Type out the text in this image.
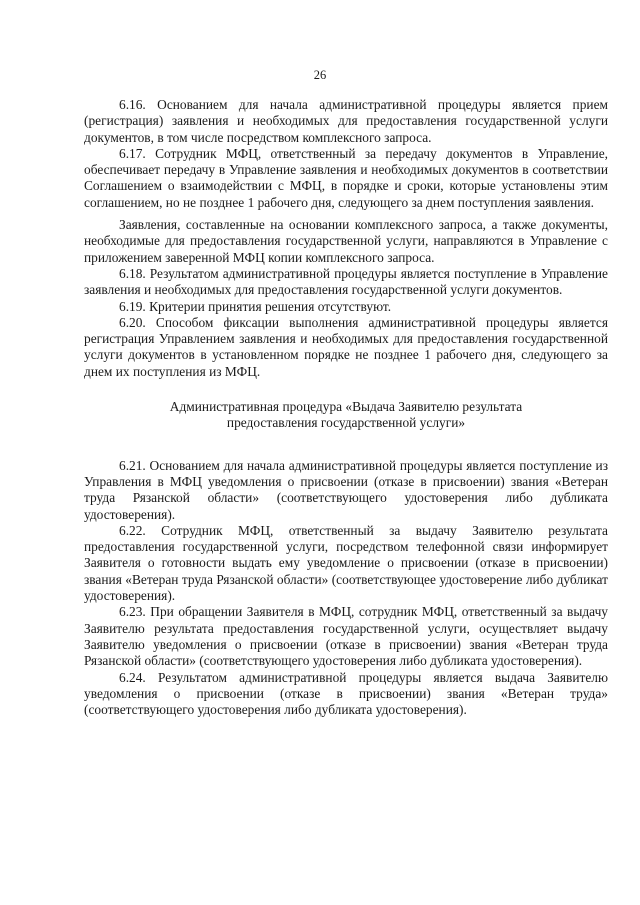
26

6.16. Основанием для начала административной процедуры является прием (регистрация) заявления и необходимых для предоставления государственной услуги документов, в том числе посредством комплексного запроса.

6.17. Сотрудник МФЦ, ответственный за передачу документов в Управление, обеспечивает передачу в Управление заявления и необходимых документов в соответствии Соглашением о взаимодействии с МФЦ, в порядке и сроки, которые установлены этим соглашением, но не позднее 1 рабочего дня, следующего за днем поступления заявления.

Заявления, составленные на основании комплексного запроса, а также документы, необходимые для предоставления государственной услуги, направляются в Управление с приложением заверенной МФЦ копии комплексного запроса.

6.18. Результатом административной процедуры является поступление в Управление заявления и необходимых для предоставления государственной услуги документов.

6.19. Критерии принятия решения отсутствуют.

6.20. Способом фиксации выполнения административной процедуры является регистрация Управлением заявления и необходимых для предоставления государственной услуги документов в установленном порядке не позднее 1 рабочего дня, следующего за днем их поступления из МФЦ.

Административная процедура «Выдача Заявителю результата предоставления государственной услуги»

6.21. Основанием для начала административной процедуры является поступление из Управления в МФЦ уведомления о присвоении (отказе в присвоении) звания «Ветеран труда Рязанской области» (соответствующего удостоверения либо дубликата удостоверения).

6.22. Сотрудник МФЦ, ответственный за выдачу Заявителю результата предоставления государственной услуги, посредством телефонной связи информирует Заявителя о готовности выдать ему уведомление о присвоении (отказе в присвоении) звания «Ветеран труда Рязанской области» (соответствующее удостоверение либо дубликат удостоверения).

6.23. При обращении Заявителя в МФЦ, сотрудник МФЦ, ответственный за выдачу Заявителю результата предоставления государственной услуги, осуществляет выдачу Заявителю уведомления о присвоении (отказе в присвоении) звания «Ветеран труда Рязанской области» (соответствующего удостоверения либо дубликата удостоверения).

6.24. Результатом административной процедуры является выдача Заявителю уведомления о присвоении (отказе в присвоении) звания «Ветеран труда» (соответствующего удостоверения либо дубликата удостоверения).
